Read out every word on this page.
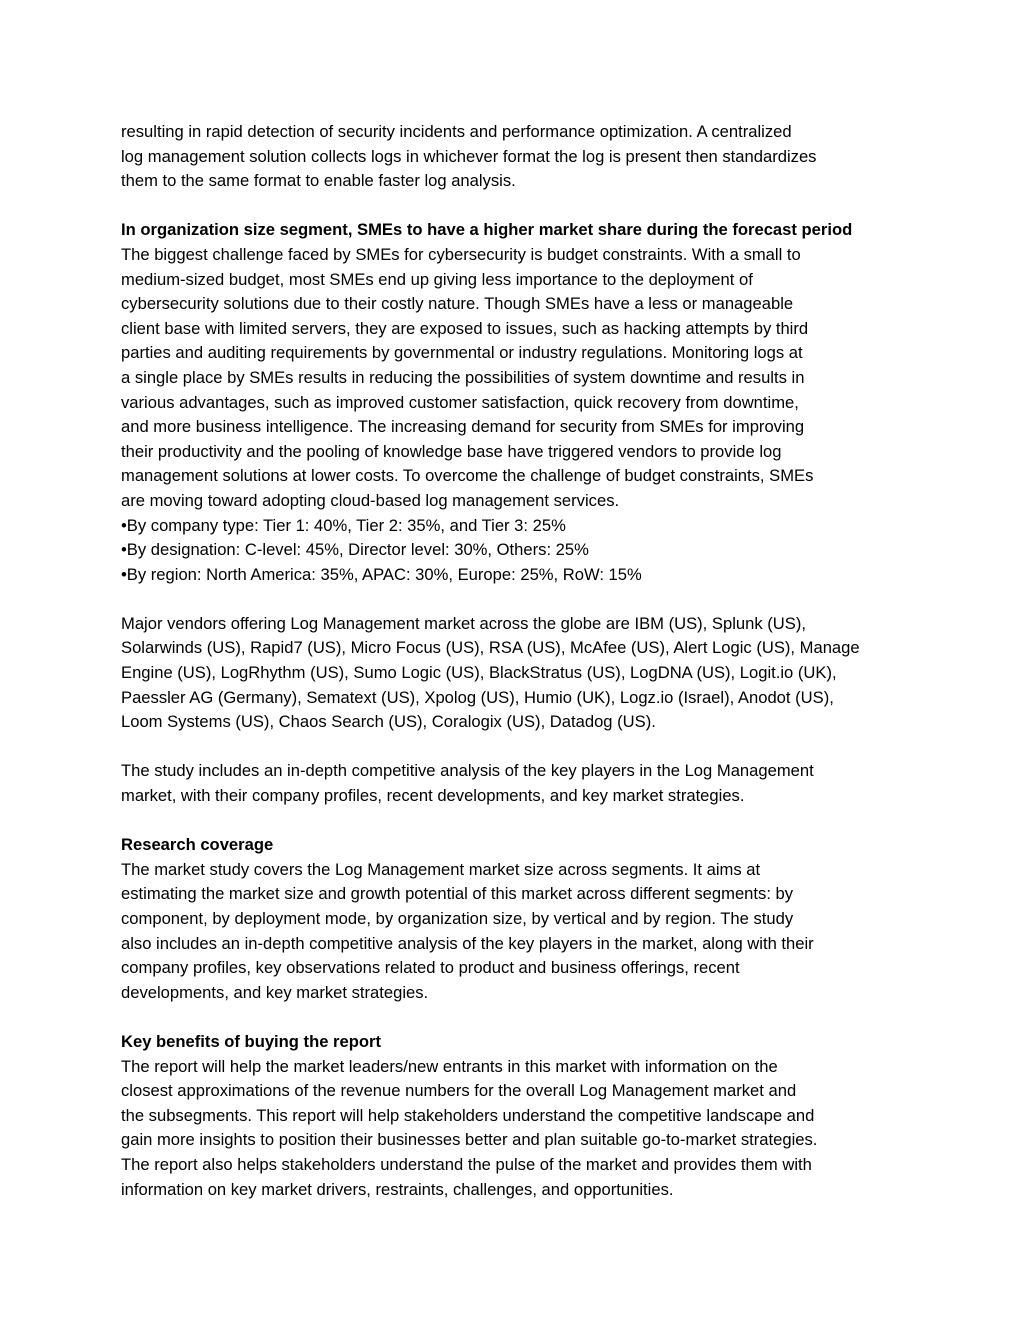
resulting in rapid detection of security incidents and performance optimization. A centralized
log management solution collects logs in whichever format the log is present then standardizes
them to the same format to enable faster log analysis.
In organization size segment, SMEs to have a higher market share during the forecast period
The biggest challenge faced by SMEs for cybersecurity is budget constraints. With a small to
medium-sized budget, most SMEs end up giving less importance to the deployment of
cybersecurity solutions due to their costly nature. Though SMEs have a less or manageable
client base with limited servers, they are exposed to issues, such as hacking attempts by third
parties and auditing requirements by governmental or industry regulations. Monitoring logs at
a single place by SMEs results in reducing the possibilities of system downtime and results in
various advantages, such as improved customer satisfaction, quick recovery from downtime,
and more business intelligence. The increasing demand for security from SMEs for improving
their productivity and the pooling of knowledge base have triggered vendors to provide log
management solutions at lower costs. To overcome the challenge of budget constraints, SMEs
are moving toward adopting cloud-based log management services.
•By company type: Tier 1: 40%, Tier 2: 35%, and Tier 3: 25%
•By designation: C-level: 45%, Director level: 30%, Others: 25%
•By region: North America: 35%, APAC: 30%, Europe: 25%, RoW: 15%
Major vendors offering Log Management market across the globe are IBM (US), Splunk (US),
Solarwinds (US), Rapid7 (US), Micro Focus (US), RSA (US), McAfee (US), Alert Logic (US), Manage
Engine (US), LogRhythm (US), Sumo Logic (US), BlackStratus (US), LogDNA (US), Logit.io (UK),
Paessler AG (Germany), Sematext (US), Xpolog (US), Humio (UK), Logz.io (Israel), Anodot (US),
Loom Systems (US), Chaos Search (US), Coralogix (US), Datadog (US).
The study includes an in-depth competitive analysis of the key players in the Log Management
market, with their company profiles, recent developments, and key market strategies.
Research coverage
The market study covers the Log Management market size across segments. It aims at
estimating the market size and growth potential of this market across different segments: by
component, by deployment mode, by organization size, by vertical and by region. The study
also includes an in-depth competitive analysis of the key players in the market, along with their
company profiles, key observations related to product and business offerings, recent
developments, and key market strategies.
Key benefits of buying the report
The report will help the market leaders/new entrants in this market with information on the
closest approximations of the revenue numbers for the overall Log Management market and
the subsegments. This report will help stakeholders understand the competitive landscape and
gain more insights to position their businesses better and plan suitable go-to-market strategies.
The report also helps stakeholders understand the pulse of the market and provides them with
information on key market drivers, restraints, challenges, and opportunities.
